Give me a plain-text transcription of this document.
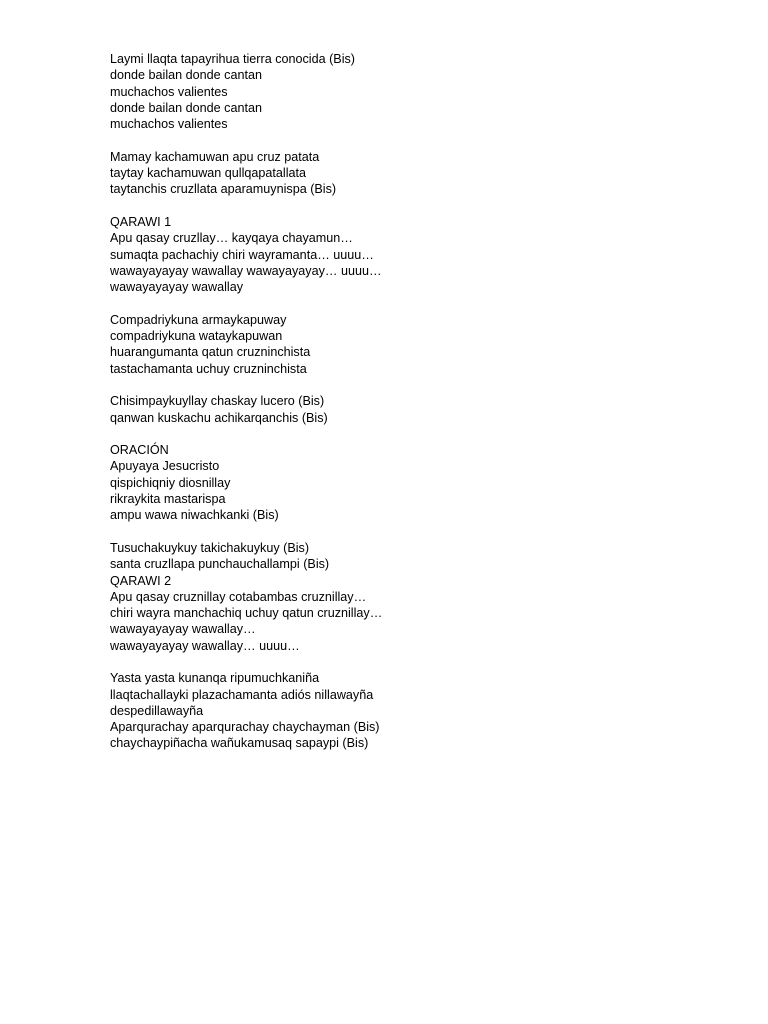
Laymi llaqta tapayrihua tierra conocida (Bis)
donde bailan donde cantan
muchachos valientes
donde bailan donde cantan
muchachos valientes
Mamay kachamuwan apu cruz patata
taytay kachamuwan qullqapatallata
taytanchis cruzllata aparamuynispa (Bis)
QARAWI 1
Apu qasay cruzllay… kayqaya chayamun…
sumaqta pachachiy chiri wayramanta… uuuu…
wawayayayay wawallay wawayayayay… uuuu…
wawayayayay wawallay
Compadriykuna armaykapuway
compadriykuna wataykapuwan
huarangumanta qatun cruzninchista
tastachamanta uchuy cruzninchista
Chisimpaykuyllay chaskay lucero (Bis)
qanwan kuskachu achikarqanchis (Bis)
ORACIÓN
Apuyaya Jesucristo
qispichiqniy diosnillay
rikraykita mastarispa
ampu wawa niwachkanki (Bis)
Tusuchakuykuy takichakuykuy (Bis)
santa cruzllapa punchauchallampi (Bis)
QARAWI 2
Apu qasay cruznillay cotabambas cruznillay…
chiri wayra manchachiq uchuy qatun cruznillay…
wawayayayay wawallay…
wawayayayay wawallay… uuuu…
Yasta yasta kunanqa ripumuchkaniña
llaqtachallayki plazachamanta adiós nillawayña
despedillawayña
Aparqurachay aparqurachay chaychayman (Bis)
chaychaypiñacha wañukamusaq sapaypi (Bis)
